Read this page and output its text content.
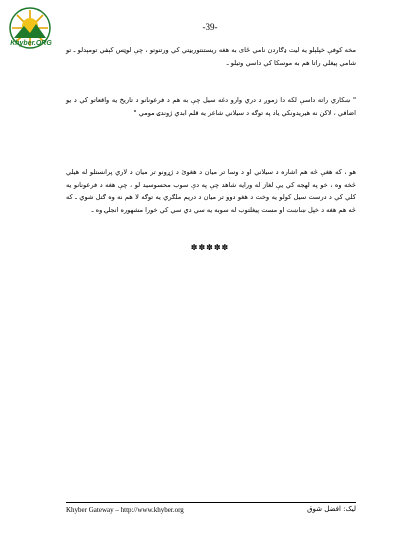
Khyber.ORG
-39-
مخه کوفې خپلېلو يه ليت ډګاردن نامي ځای به هغه ريستنتوريڼتي کي ورتنوتو ، چې لوټس کېفي تومېدلو ـ تو شامي پيغلي راتا هم به موسکا کي داسي وتيلو ـ
" ښکاري راته داسې لکه دا زموږ د دري وارو دغه سيل چې به هم د فرعونانو د تاريخ يه واقعاتو کي د يو اضافي ، لاکن نه هيريدونکي ياد په توګه د سيلاني شاعر يه قلم ابدي ژوندۍ مومي "
هو ، که هغې څه هم اشاره د سيلاني او د وسا تر ميان د هغوئ د ژړونو تر ميان د لاري پرانستلو له هيلي څخه وه ، خو په لهجه کي يې لغاز له ورايه شاهد چې په دې سوب محسوسيد لو ، چې هغه د فرعونانو يه کلي کي د درست سيل کولو يه وخت د هغو دوو تر ميان د دريم ملګري يه توګه لا هم نه وه ګتل شوي ـ که څه هم هغه د خپل ښاښت او مست پيغلتوب له سوبه يه سي دي سي کي خورا مشهوره انجلۍ وه ـ
✽✽✽✽✽
Khyber Gateway – http://www.khyber.org	ليک: افضل شوق
